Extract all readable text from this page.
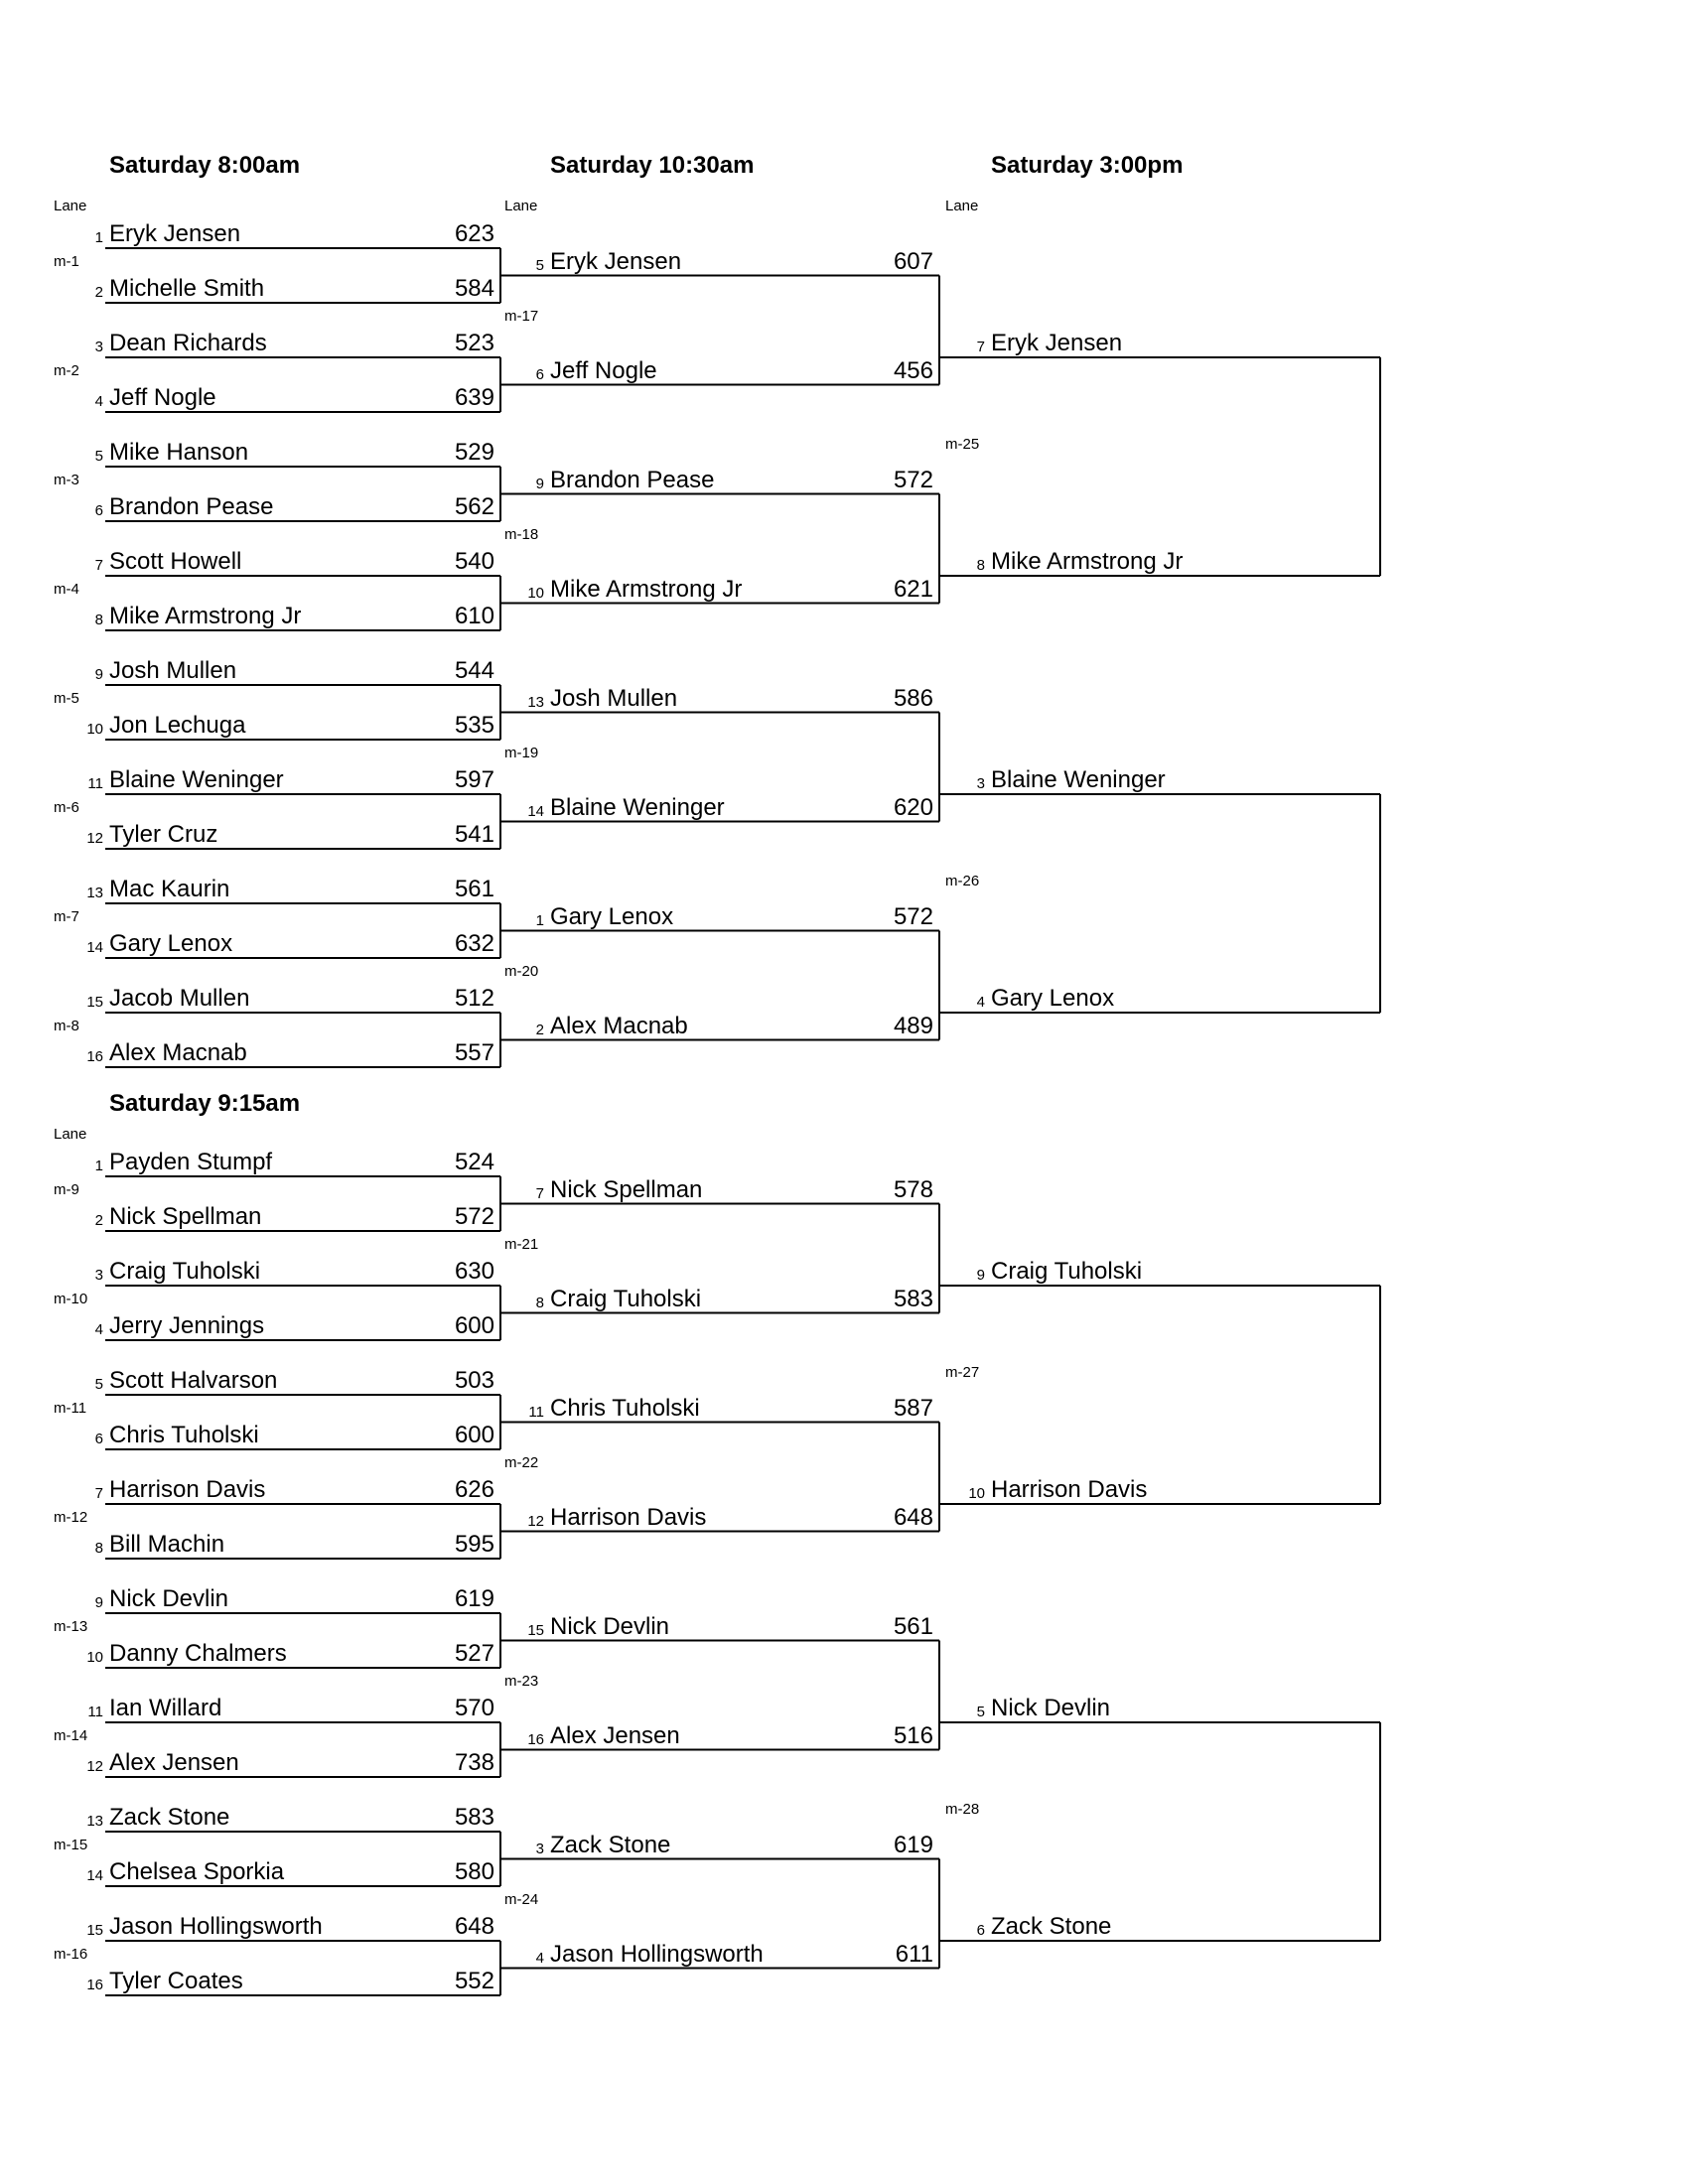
Saturday 8:00am	Saturday 10:30am	Saturday 3:00pm
Saturday 9:15am
Lane	Lane	Lane
Lane
1 Eryk Jensen	623
2 Michelle Smith	584
m-1
3 Dean Richards	523
4 Jeff Nogle	639
m-2
5 Mike Hanson	529
6 Brandon Pease	562
m-3
7 Scott Howell	540
8 Mike Armstrong Jr	610
m-4
9 Josh Mullen	544
10 Jon Lechuga	535
m-5
11 Blaine Weninger	597
12 Tyler Cruz	541
m-6
13 Mac Kaurin	561
14 Gary Lenox	632
m-7
15 Jacob Mullen	512
16 Alex Macnab	557
m-8
1 Payden Stumpf	524
2 Nick Spellman	572
m-9
3 Craig Tuholski	630
4 Jerry Jennings	600
m-10
5 Scott Halvarson	503
6 Chris Tuholski	600
m-11
7 Harrison Davis	626
8 Bill Machin	595
m-12
9 Nick Devlin	619
10 Danny Chalmers	527
m-13
11 Ian Willard	570
12 Alex Jensen	738
m-14
13 Zack Stone	583
14 Chelsea Sporkia	580
m-15
15 Jason Hollingsworth	648
16 Tyler Coates	552
m-16
5 Eryk Jensen	607
6 Jeff Nogle	456
m-17
9 Brandon Pease	572
10 Mike Armstrong Jr	621
m-18
13 Josh Mullen	586
14 Blaine Weninger	620
m-19
1 Gary Lenox	572
2 Alex Macnab	489
m-20
7 Nick Spellman	578
8 Craig Tuholski	583
m-21
11 Chris Tuholski	587
12 Harrison Davis	648
m-22
15 Nick Devlin	561
16 Alex Jensen	516
m-23
3 Zack Stone	619
4 Jason Hollingsworth	611
m-24
7 Eryk Jensen
8 Mike Armstrong Jr
m-25
3 Blaine Weninger
4 Gary Lenox
m-26
9 Craig Tuholski
10 Harrison Davis
m-27
5 Nick Devlin
6 Zack Stone
m-28
